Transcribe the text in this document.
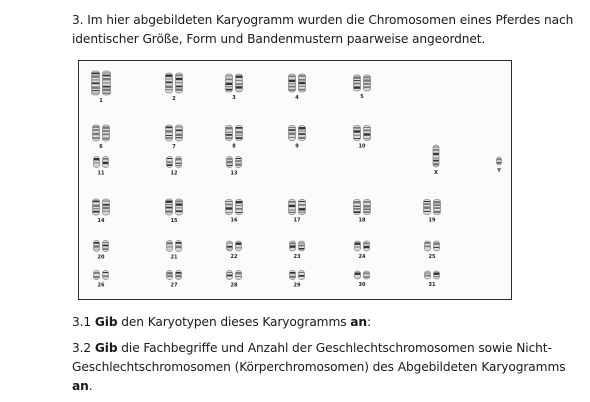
3. Im hier abgebildeten Karyogramm wurden die Chromosomen eines Pferdes nach identischer Größe, Form und Bandenmustern paarweise angeordnet.
1	2	3	4	5
6	7	8	9	10
11	12	13	X	Y
14	15	16	17	18	19
20	21	22	23	24	25
26	27	28	29	30	31
3.1 Gib den Karyotypen dieses Karyogramms an:
3.2 Gib die Fachbegriffe und Anzahl der Geschlechtschromosomen sowie Nicht-Geschlechtschromosomen (Körperchromosomen) des Abgebildeten Karyogramms an.
